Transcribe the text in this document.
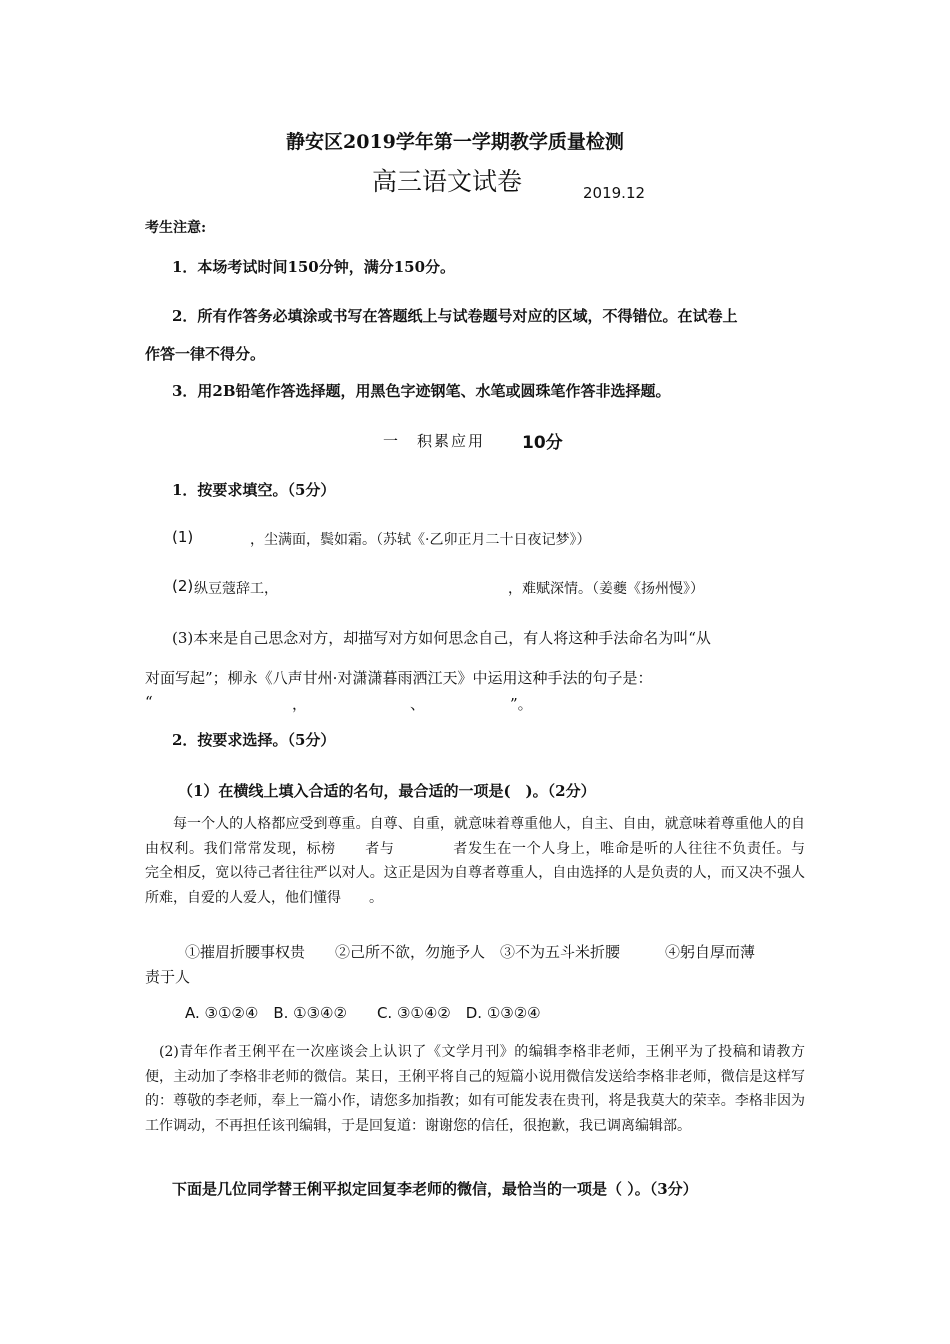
静安区2019学年第一学期教学质量检测
高三语文试卷	2019.12
考生注意:
1．本场考试时间150分钟，满分150分。
2．所有作答务必填涂或书写在答题纸上与试卷题号对应的区域，不得错位。在试卷上
作答一律不得分。
3．用2B铅笔作答选择题，用黑色字迹钢笔、水笔或圆珠笔作答非选择题。
一　积累应用 10分
1．按要求填空。（5分）
(1)	，尘满面，鬓如霜。（苏轼《·乙卯正月二十日夜记梦》）
(2) 纵豆蔻辞工，	，难赋深情。（姜夔《扬州慢》）
(3)本来是自己思念对方，却描写对方如何思念自己，有人将这种手法命名为叫“从
对面写起”；柳永《八声甘州·对潇潇暮雨洒江天》中运用这种手法的句子是：
“	，	、	”。
2．按要求选择。（5分）
（1）在横线上填入合适的名句，最合适的一项是(　)。（2分）
每一个人的人格都应受到尊重。自尊、自重，就意味着尊重他人，自主、自由，就意味着尊重他人的自由权利。我们常常发现，标榜　　者与　　　　者发生在一个人身上，唯命是听的人往往不负责任。与　　　完全相反，宽以待己者往往严以对人。这正是因为自尊者尊重人，自由选择的人是负责的人，而又决不强人所难，自爱的人爱人，他们懂得　　。
①摧眉折腰事权贵　　②己所不欲，勿施予人　③不为五斗米折腰　　　④躬自厚而薄
责于人
A. ③①②④　B. ①③④②　　C. ③①④②　D. ①③②④
(2)青年作者王俐平在一次座谈会上认识了《文学月刊》的编辑李格非老师，王俐平为了投稿和请教方便，主动加了李格非老师的微信。某日，王俐平将自己的短篇小说用微信发送给李格非老师，微信是这样写的：尊敬的李老师，奉上一篇小作，请您多加指教；如有可能发表在贵刊，将是我莫大的荣幸。李格非因为工作调动，不再担任该刊编辑，于是回复道：谢谢您的信任，很抱歉，我已调离编辑部。
下面是几位同学替王俐平拟定回复李老师的微信，最恰当的一项是（ ）。（3分）
